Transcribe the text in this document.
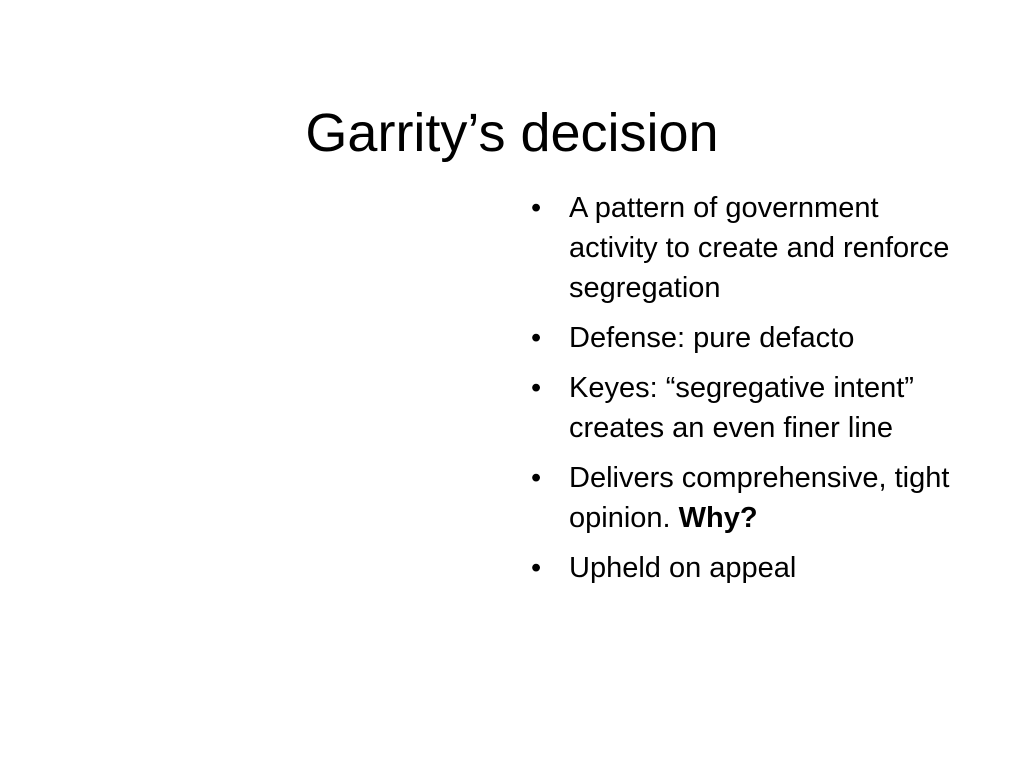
Garrity’s decision
• A pattern of government activity to create and renforce segregation
• Defense: pure defacto
• Keyes: “segregative intent” creates an even finer line
• Delivers comprehensive, tight opinion. Why?
• Upheld on appeal
